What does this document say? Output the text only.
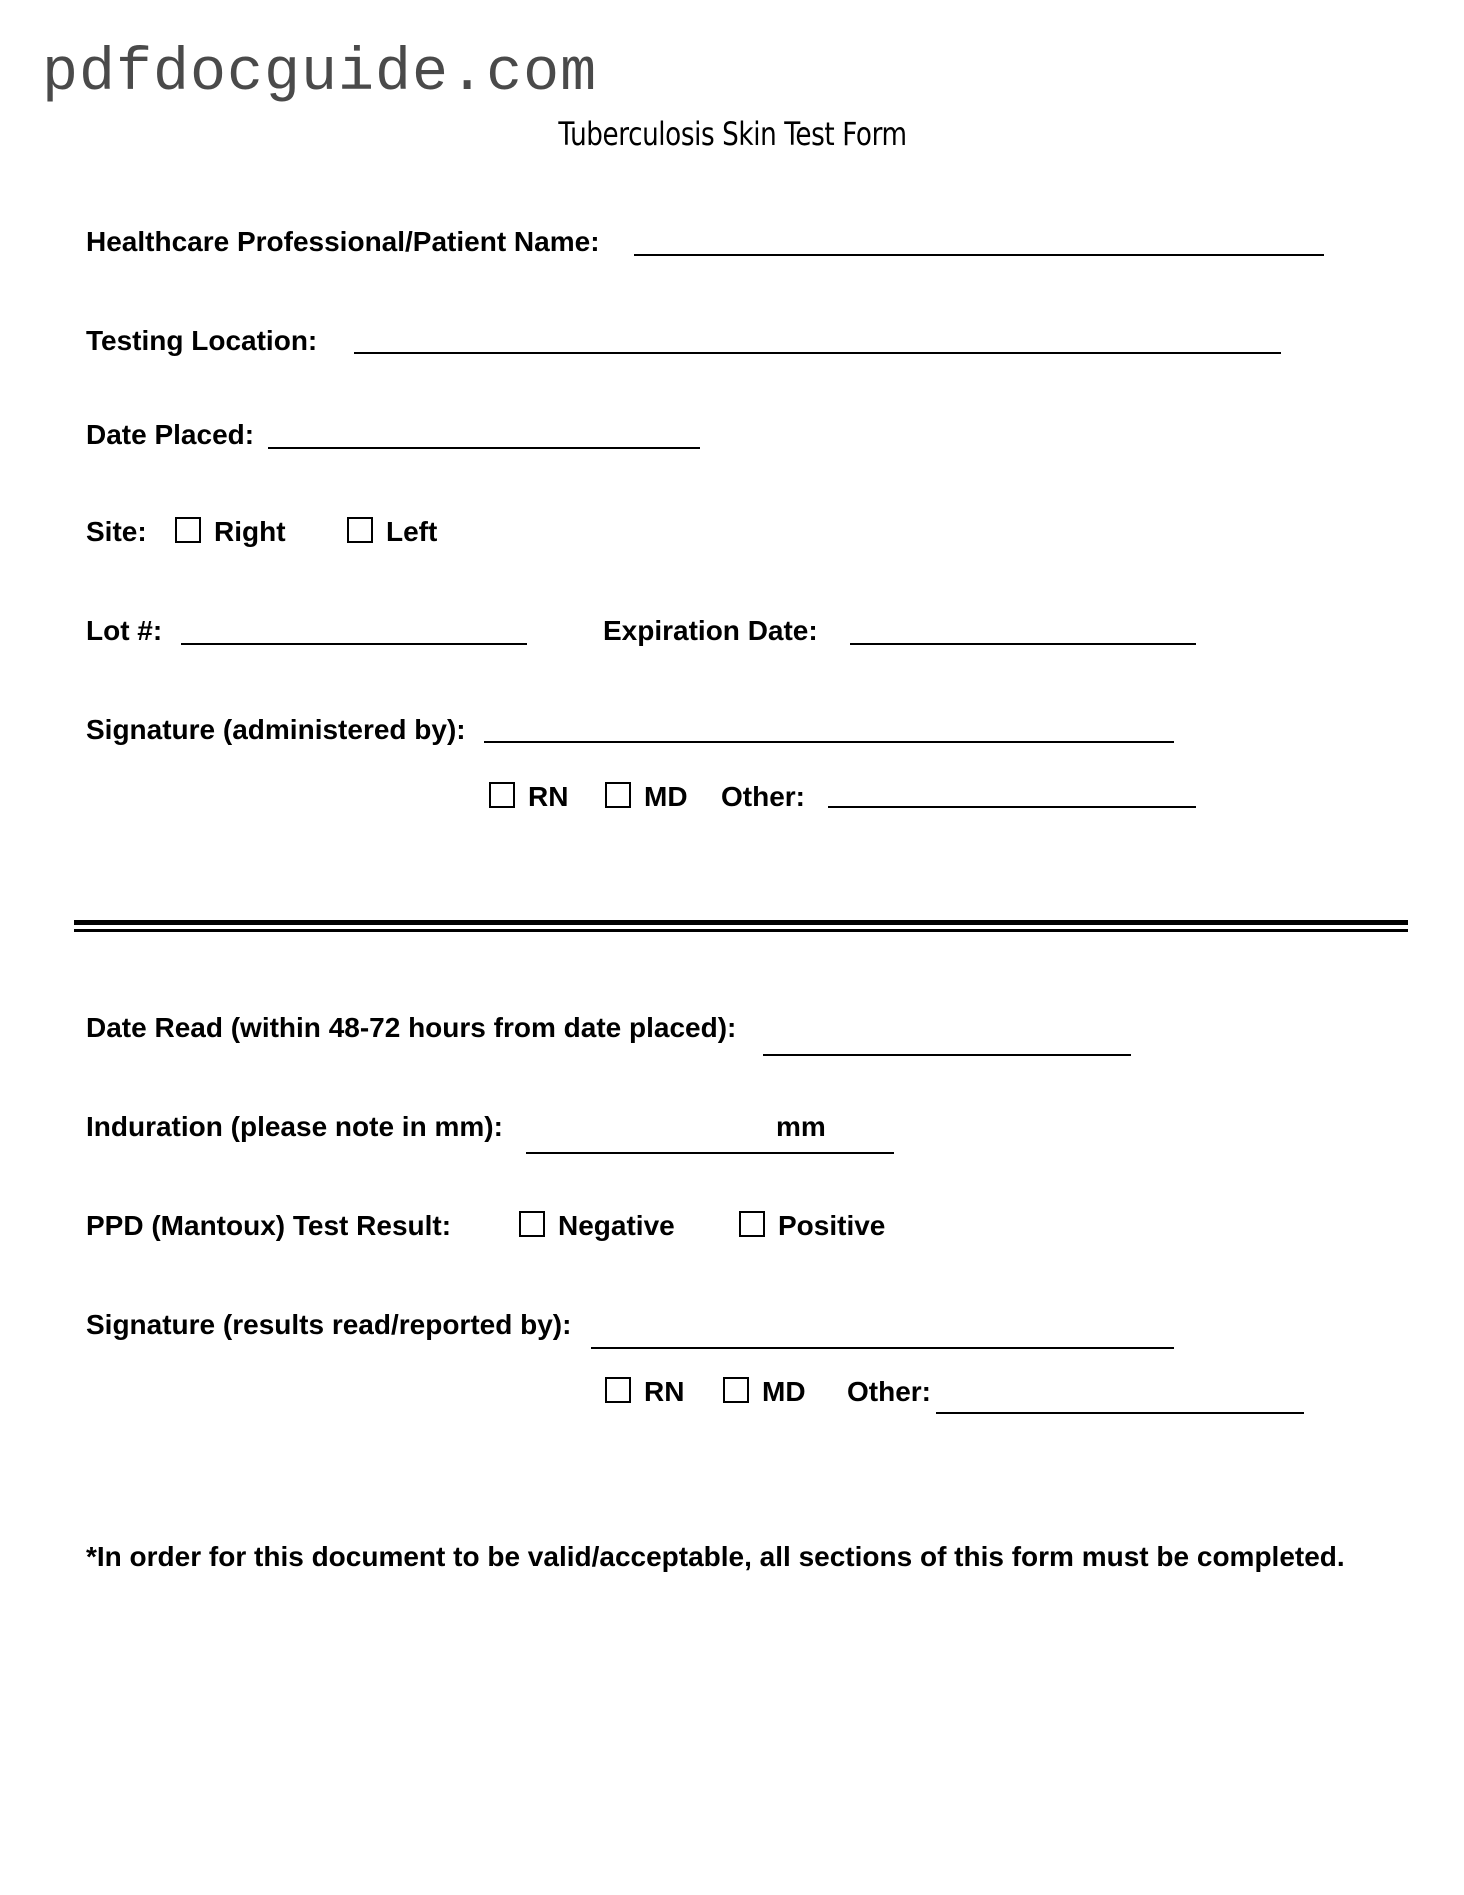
pdfdocguide.com
Tuberculosis Skin Test Form
Healthcare Professional/Patient Name:
Testing Location:
Date Placed:
Site: Right	Left
Lot #:	Expiration Date:
Signature (administered by):
RN	MD Other:
Date Read (within 48-72 hours from date placed):
Induration (please note in mm):	mm
PPD (Mantoux) Test Result:	Negative	Positive
Signature (results read/reported by):
RN	MD Other:
*In order for this document to be valid/acceptable, all sections of this form must be completed.
